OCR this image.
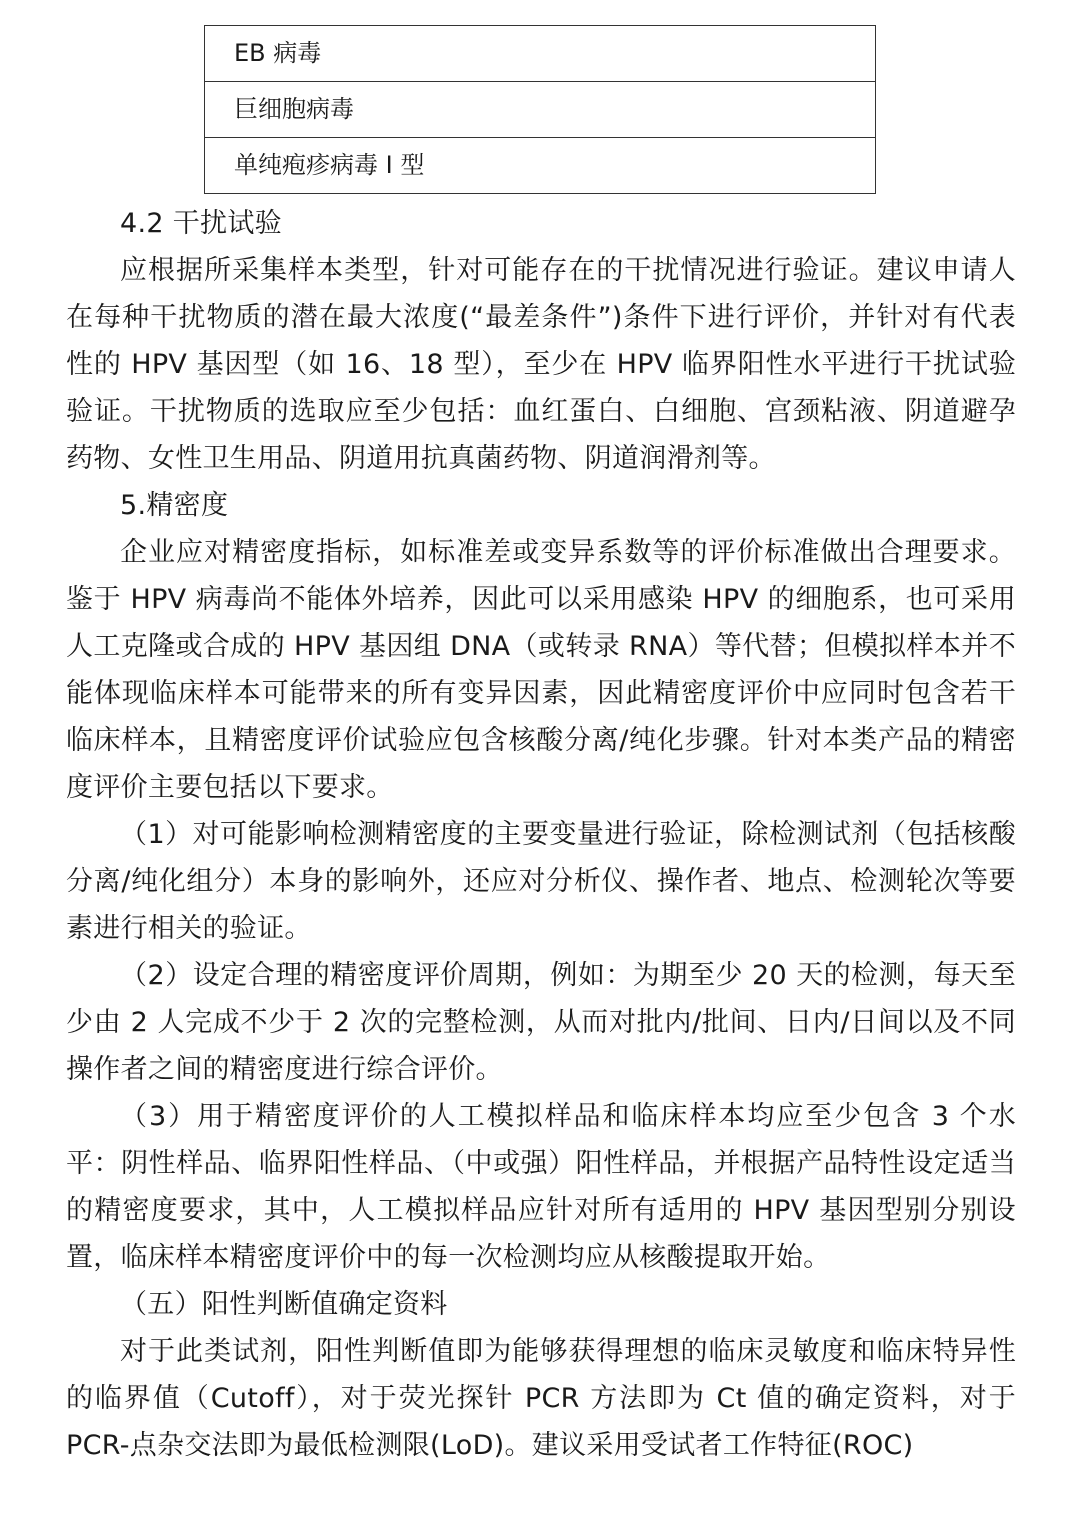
EB 病毒
巨细胞病毒
单纯疱疹病毒 I 型

4.2 干扰试验

应根据所采集样本类型，针对可能存在的干扰情况进行验证。建议申请人在每种干扰物质的潜在最大浓度(“最差条件”)条件下进行评价，并针对有代表性的 HPV 基因型（如 16、18 型），至少在 HPV 临界阳性水平进行干扰试验验证。干扰物质的选取应至少包括：血红蛋白、白细胞、宫颈粘液、阴道避孕药物、女性卫生用品、阴道用抗真菌药物、阴道润滑剂等。

5.精密度

企业应对精密度指标，如标准差或变异系数等的评价标准做出合理要求。鉴于 HPV 病毒尚不能体外培养，因此可以采用感染 HPV 的细胞系，也可采用人工克隆或合成的 HPV 基因组 DNA（或转录 RNA）等代替；但模拟样本并不能体现临床样本可能带来的所有变异因素，因此精密度评价中应同时包含若干临床样本，且精密度评价试验应包含核酸分离/纯化步骤。针对本类产品的精密度评价主要包括以下要求。

（1）对可能影响检测精密度的主要变量进行验证，除检测试剂（包括核酸分离/纯化组分）本身的影响外，还应对分析仪、操作者、地点、检测轮次等要素进行相关的验证。

（2）设定合理的精密度评价周期，例如：为期至少 20 天的检测，每天至少由 2 人完成不少于 2 次的完整检测，从而对批内/批间、日内/日间以及不同操作者之间的精密度进行综合评价。

（3）用于精密度评价的人工模拟样品和临床样本均应至少包含 3 个水平：阴性样品、临界阳性样品、（中或强）阳性样品，并根据产品特性设定适当的精密度要求，其中，人工模拟样品应针对所有适用的 HPV 基因型别分别设置，临床样本精密度评价中的每一次检测均应从核酸提取开始。

（五）阳性判断值确定资料

对于此类试剂，阳性判断值即为能够获得理想的临床灵敏度和临床特异性的临界值（Cutoff），对于荧光探针 PCR 方法即为 Ct 值的确定资料，对于 PCR-点杂交法即为最低检测限(LoD)。建议采用受试者工作特征(ROC)
